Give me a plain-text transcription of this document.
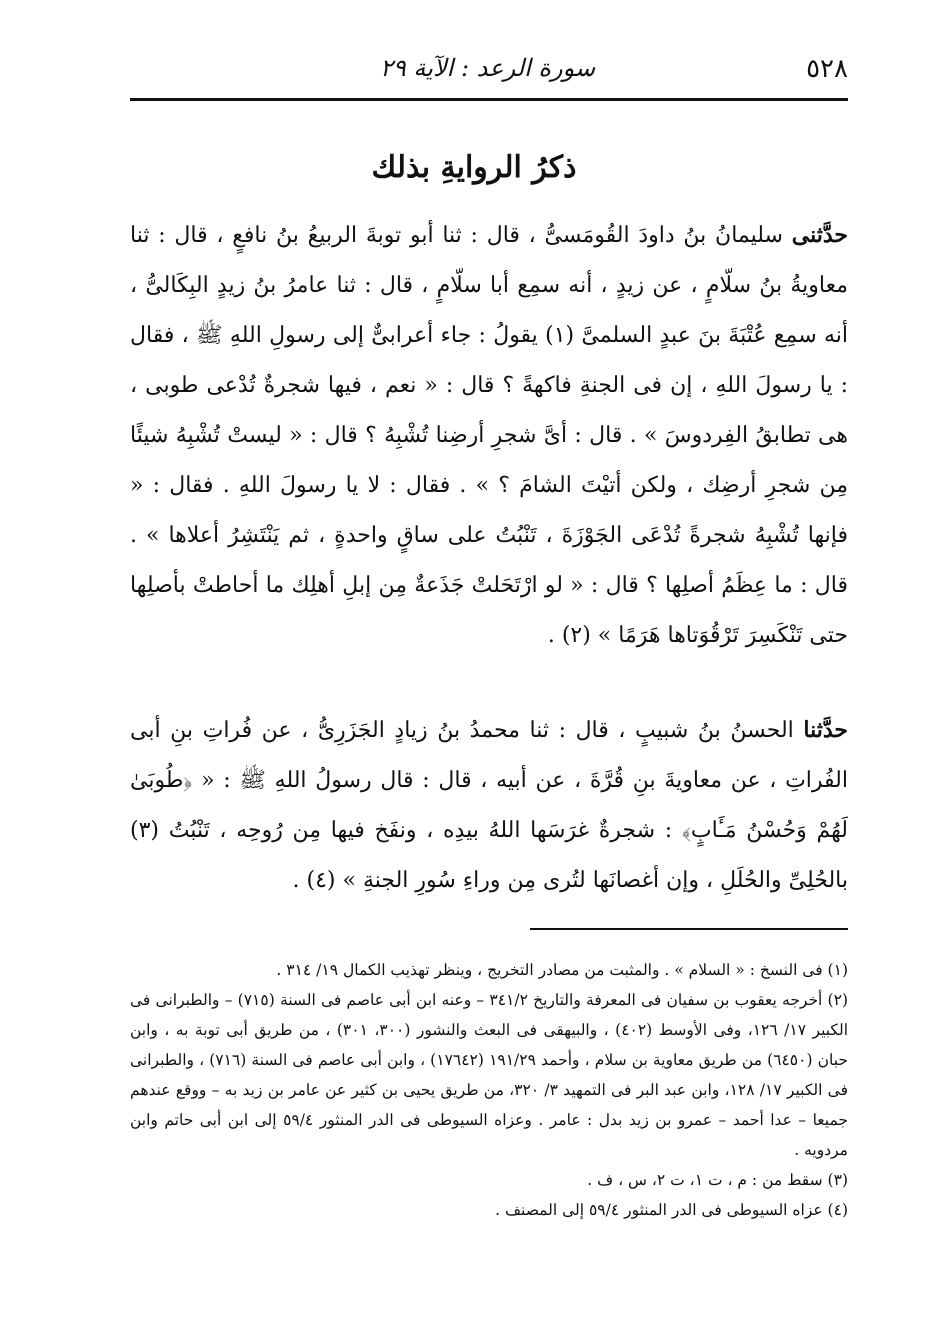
٥٢٨
سورة الرعد : الآية ٢٩
ذكرُ الروايةِ بذلك
حدَّثنى سليمانُ بنُ داودَ القُومَسىُّ ، قال : ثنا أبو توبةَ الربيعُ بنُ نافعٍ ، قال : ثنا معاويةُ بنُ سلّامٍ ، عن زيدٍ ، أنه سمِع أبا سلّامٍ ، قال : ثنا عامرُ بنُ زيدٍ البِكَالىُّ ، أنه سمِع عُتْبَةَ بنَ عبدٍ السلمىَّ (١) يقولُ : جاء أعرابىٌّ إلى رسولِ اللهِ ﷺ ، فقال : يا رسولَ اللهِ ، إن فى الجنةِ فاكهةً ؟ قال : « نعم ، فيها شجرةٌ تُدْعى طوبى ، هى تطابقُ الفِردوسَ » . قال : أىَّ شجرِ أرضِنا تُشْبِهُ ؟ قال : « ليستْ تُشْبِهُ شيئًا مِن شجرِ أرضِك ، ولكن أتيْتَ الشامَ ؟ » . فقال : لا يا رسولَ اللهِ . فقال : « فإنها تُشْبِهُ شجرةً تُدْعَى الجَوْزَةَ ، تَنْبُتُ على ساقٍ واحدةٍ ، ثم يَنْتَشِرُ أعلاها » . قال : ما عِظَمُ أصلِها ؟ قال : « لو ارْتَحَلتْ جَذَعةٌ مِن إبلِ أهلِك ما أحاطتْ بأصلِها حتى تَنْكَسِرَ تَرْقُوَتاها هَرَمًا » (٢) .
حدَّثنا الحسنُ بنُ شبيبٍ ، قال : ثنا محمدُ بنُ زيادٍ الجَزَرِىُّ ، عن فُراتِ بنِ أبى الفُراتِ ، عن معاويةَ بنِ قُرَّةَ ، عن أبيه ، قال : قال رسولُ اللهِ ﷺ : « ﴿طُوبَىٰ لَهُمْ وَحُسْنُ مَـَٔابٍ﴾ : شجرةٌ غرَسَها اللهُ بيدِه ، ونفَخ فيها مِن رُوحِه ، تَنْبُتُ (٣) بالحُلِىِّ والحُلَلِ ، وإن أغصانَها لتُرى مِن وراءِ سُورِ الجنةِ » (٤) .

(١) فى النسخ : « السلام » . والمثبت من مصادر التخريج ، وينظر تهذيب الكمال ١٩/ ٣١٤ .

(٢) أخرجه يعقوب بن سفيان فى المعرفة والتاريخ ٣٤١/٢ – وعنه ابن أبى عاصم فى السنة (٧١٥) – والطبرانى فى الكبير ١٧/ ١٢٦، وفى الأوسط (٤٠٢) ، والبيهقى فى البعث والنشور (٣٠٠، ٣٠١) ، من طريق أبى توبة به ، وابن حبان (٦٤٥٠) من طريق معاوية بن سلام ، وأحمد ١٩١/٢٩ (١٧٦٤٢) ، وابن أبى عاصم فى السنة (٧١٦) ، والطبرانى فى الكبير ١٧/ ١٢٨، وابن عبد البر فى التمهيد ٣/ ٣٢٠، من طريق يحيى بن كثير عن عامر بن زيد به – ووقع عندهم جميعا – عدا أحمد – عمرو بن زيد بدل : عامر . وعزاه السيوطى فى الدر المنثور ٥٩/٤ إلى ابن أبى حاتم وابن مردويه .

(٣) سقط من : م ، ت ١، ت ٢، س ، ف .

(٤) عزاه السيوطى فى الدر المنثور ٥٩/٤ إلى المصنف .
